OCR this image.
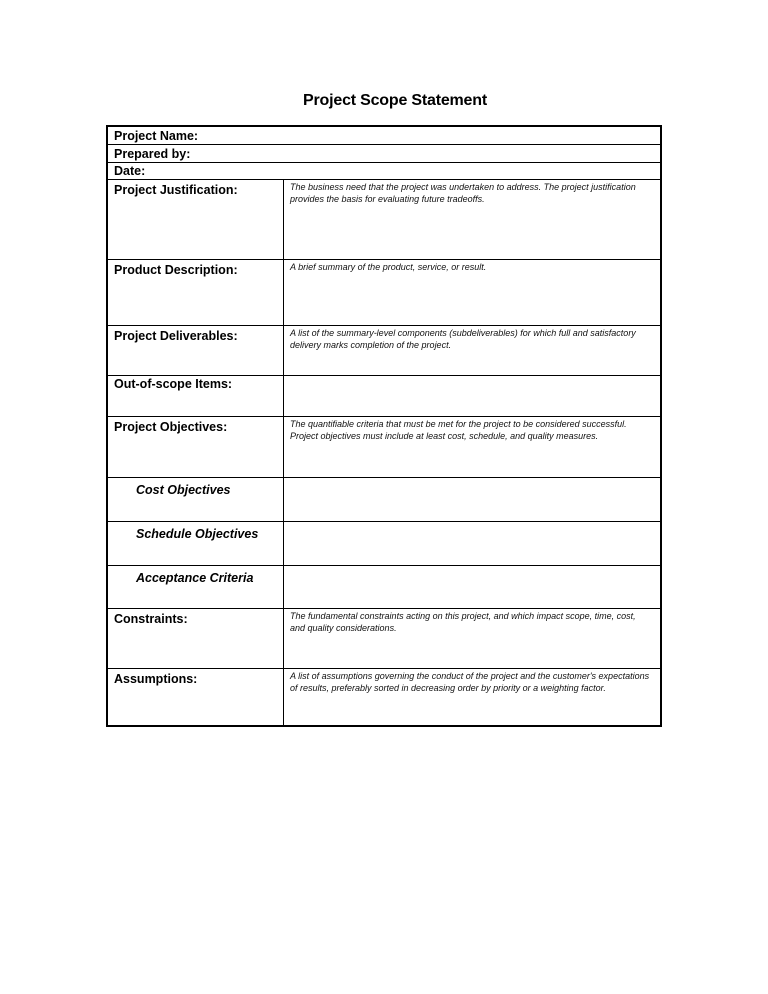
Project Scope Statement
Project Name:
Prepared by:
Date:
Project Justification:	The business need that the project was undertaken to address. The project justification provides the basis for evaluating future tradeoffs.
Product Description:	A brief summary of the product, service, or result.
Project Deliverables:	A list of the summary-level components (subdeliverables) for which full and satisfactory delivery marks completion of the project.
Out-of-scope Items:
Project Objectives:	The quantifiable criteria that must be met for the project to be considered successful. Project objectives must include at least cost, schedule, and quality measures.
Cost Objectives
Schedule Objectives
Acceptance Criteria
Constraints:	The fundamental constraints acting on this project, and which impact scope, time, cost, and quality considerations.
Assumptions:	A list of assumptions governing the conduct of the project and the customer's expectations of results, preferably sorted in decreasing order by priority or a weighting factor.
